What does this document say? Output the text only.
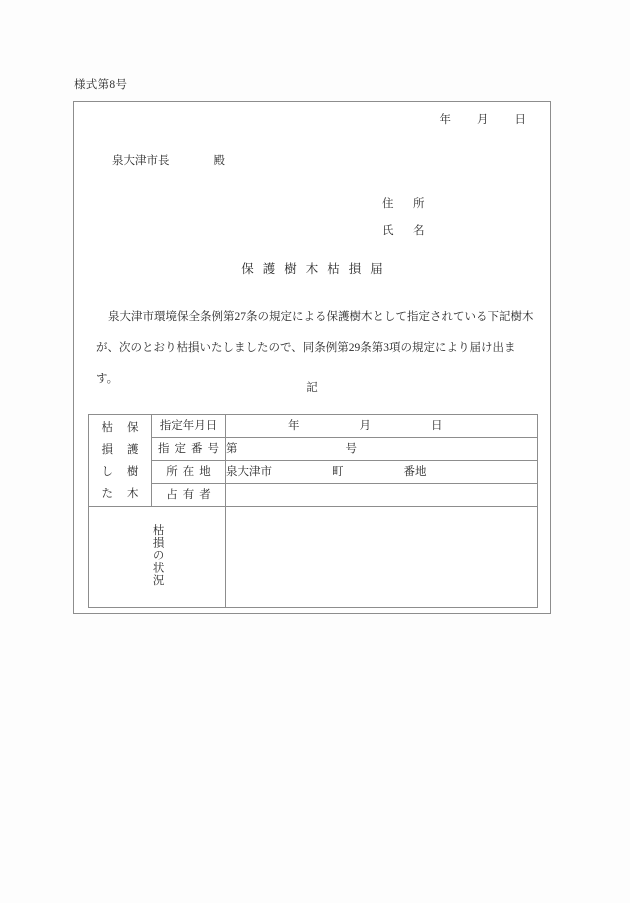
様式第8号
年 月 日
泉大津市長	殿
住　所
氏　名
保護樹木枯損届
泉大津市環境保全条例第27条の規定による保護樹木として指定されている下記樹木
が、次のとおり枯損いたしましたので、同条例第29条第3項の規定により届け出ます。
記
枯 保
損 護
し 樹
た 木
	指定年月日	年	月	日

	指定番号	第 号

	所在地	泉大津市 町 番地

	占有者	
枯損の状況		
